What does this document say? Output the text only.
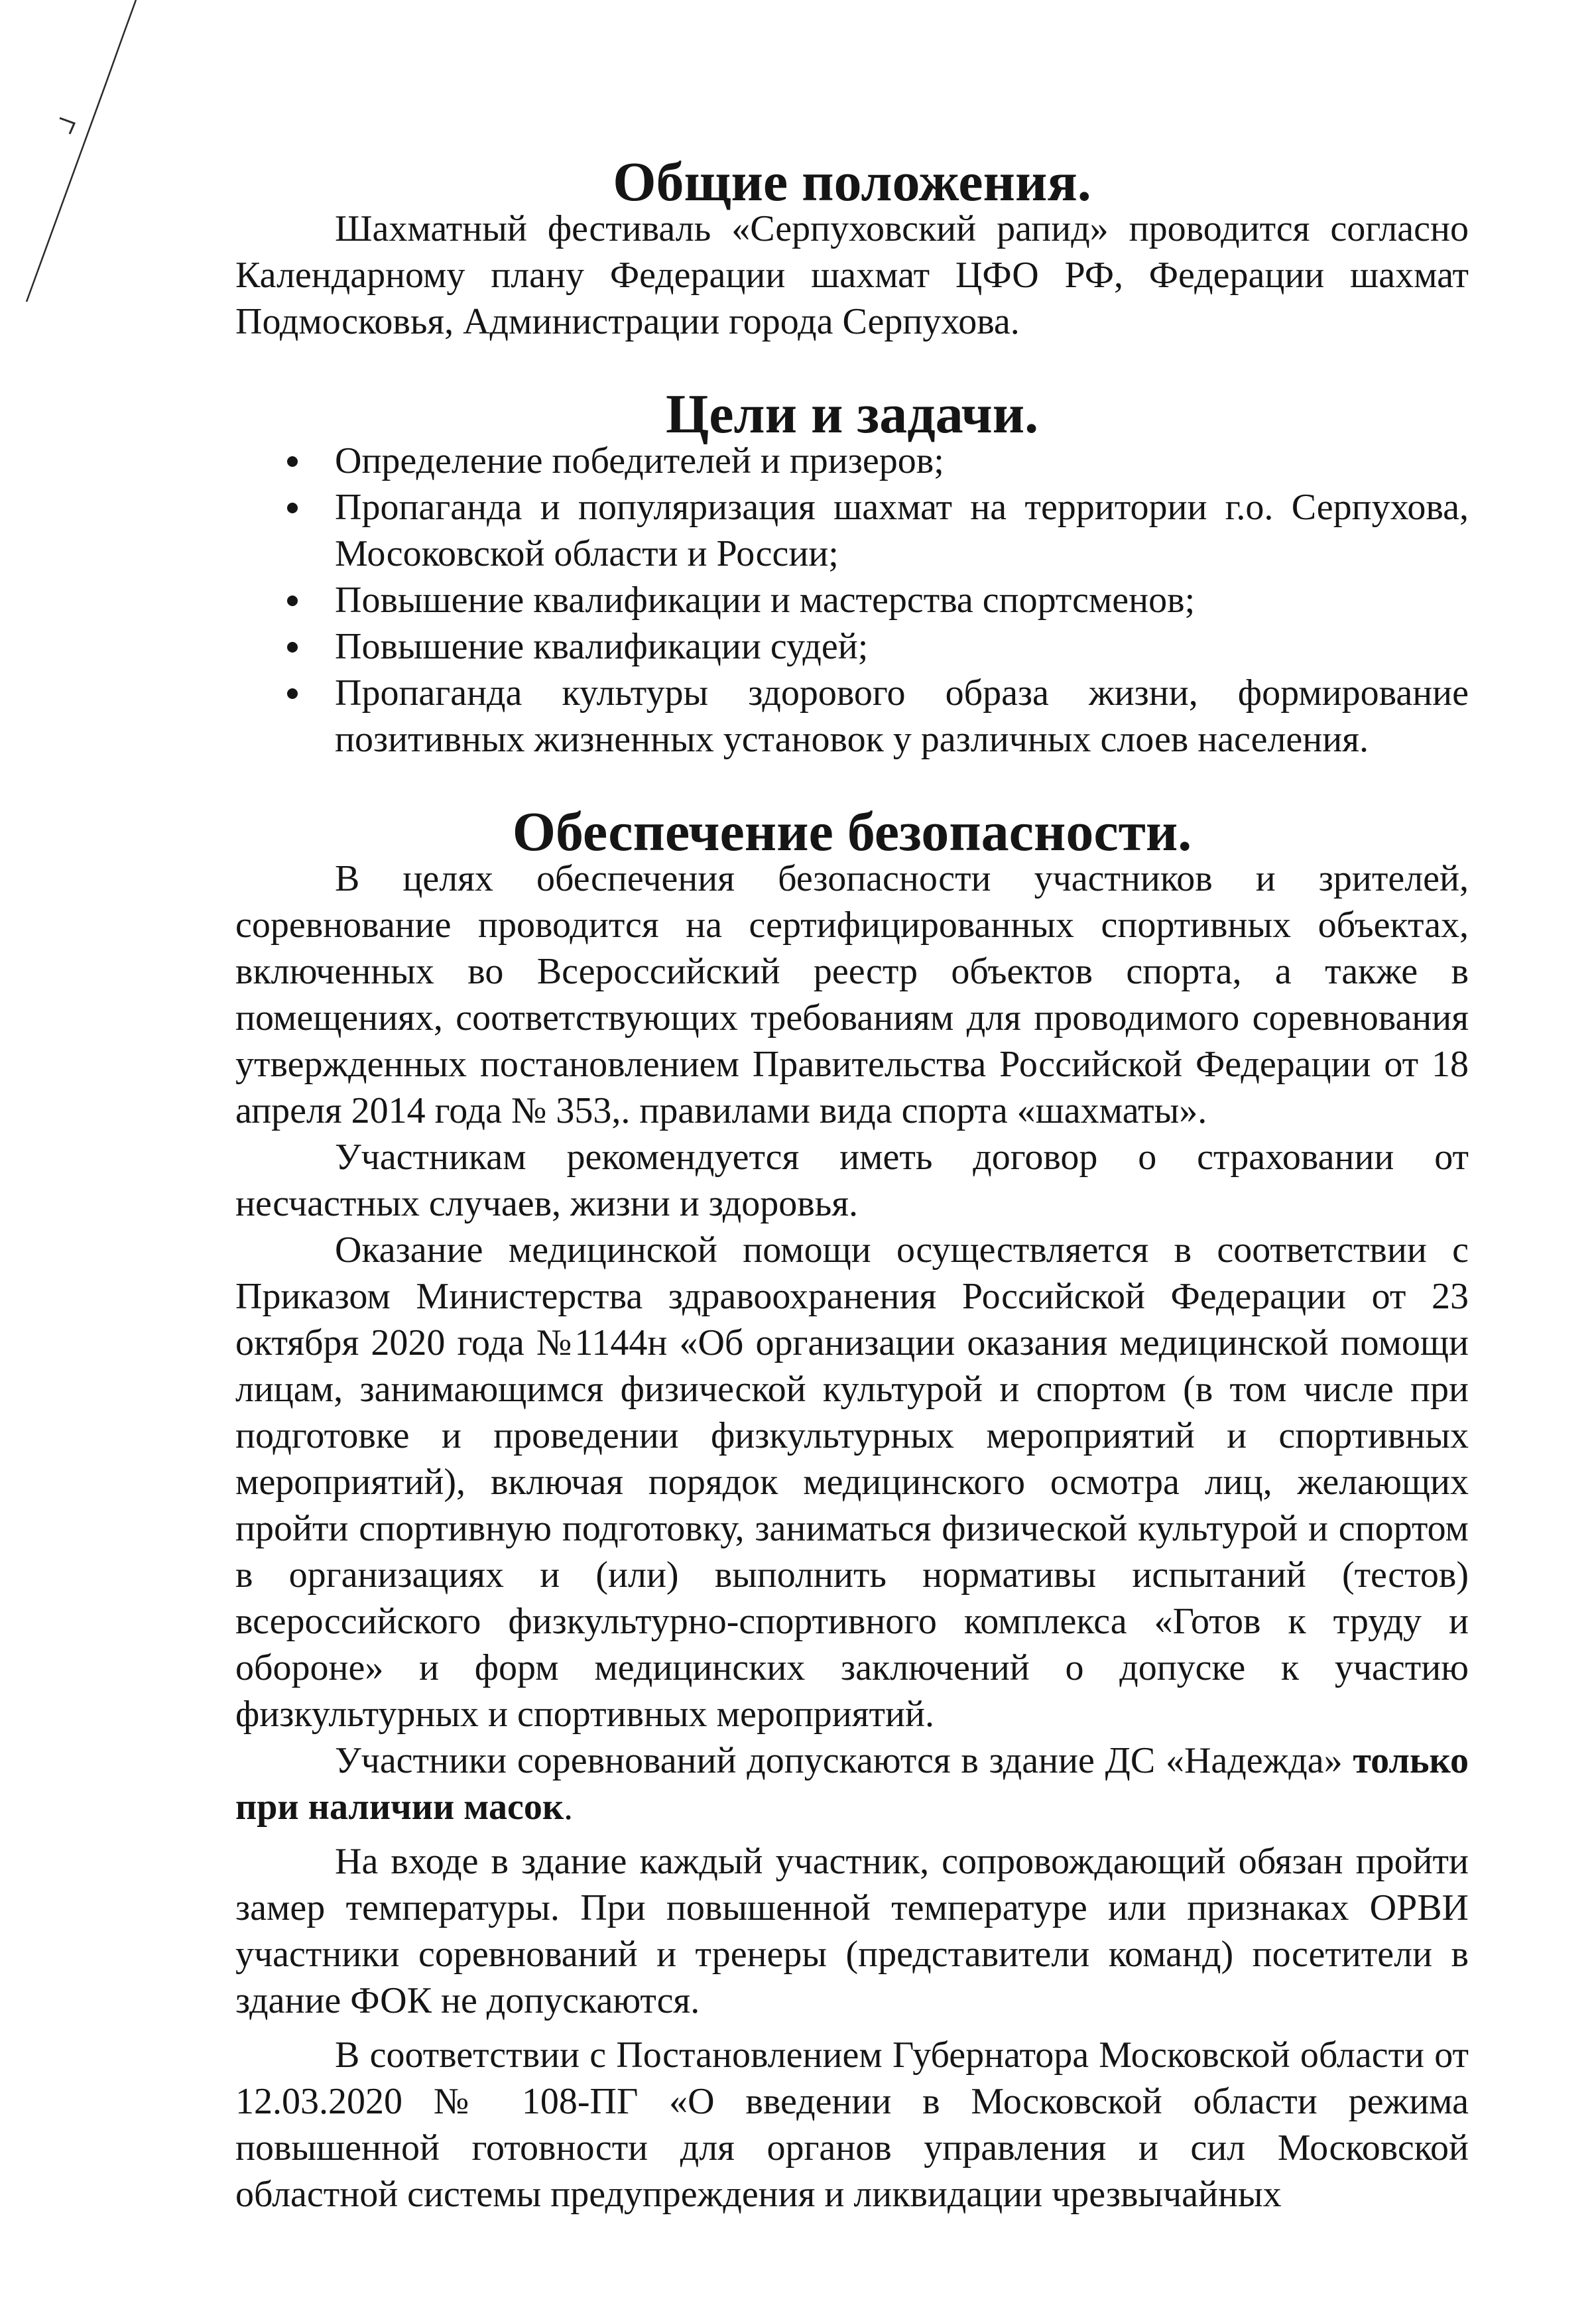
Общие положения.

Шахматный фестиваль «Серпуховский рапид» проводится согласно Календарному плану Федерации шахмат ЦФО РФ, Федерации шахмат Подмосковья, Администрации города Серпухова.

Цели и задачи.
Определение победителей и призеров;
Пропаганда и популяризация шахмат на территории г.о. Серпухова, Мосоковской области и России;
Повышение квалификации и мастерства спортсменов;
Повышение квалификации судей;
Пропаганда культуры здорового образа жизни, формирование позитивных жизненных установок у различных слоев населения.
Обеспечение безопасности.

В целях обеспечения безопасности участников и зрителей, соревнование проводится на сертифицированных спортивных объектах, включенных во Всероссийский реестр объектов спорта, а также в помещениях, соответствующих требованиям для проводимого соревнования утвержденных постановлением Правительства Российской Федерации от 18 апреля 2014 года № 353,. правилами вида спорта «шахматы».

Участникам рекомендуется иметь договор о страховании от несчастных случаев, жизни и здоровья.

Оказание медицинской помощи осуществляется в соответствии с Приказом Министерства здравоохранения Российской Федерации от 23 октября 2020 года №1144н «Об организации оказания медицинской помощи лицам, занимающимся физической культурой и спортом (в том числе при подготовке и проведении физкультурных мероприятий и спортивных мероприятий), включая порядок медицинского осмотра лиц, желающих пройти спортивную подготовку, заниматься физической культурой и спортом в организациях и (или) выполнить нормативы испытаний (тестов) всероссийского физкультурно-спортивного комплекса «Готов к труду и обороне» и форм медицинских заключений о допуске к участию физкультурных и спортивных мероприятий.

Участники соревнований допускаются в здание ДС «Надежда» только при наличии масок.

На входе в здание каждый участник, сопровождающий обязан пройти замер температуры. При повышенной температуре или признаках ОРВИ участники соревнований и тренеры (представители команд) посетители в здание ФОК не допускаются.

В соответствии с Постановлением Губернатора Московской области от 12.03.2020 № 108-ПГ «О введении в Московской области режима повышенной готовности для органов управления и сил Московской областной системы предупреждения и ликвидации чрезвычайных
